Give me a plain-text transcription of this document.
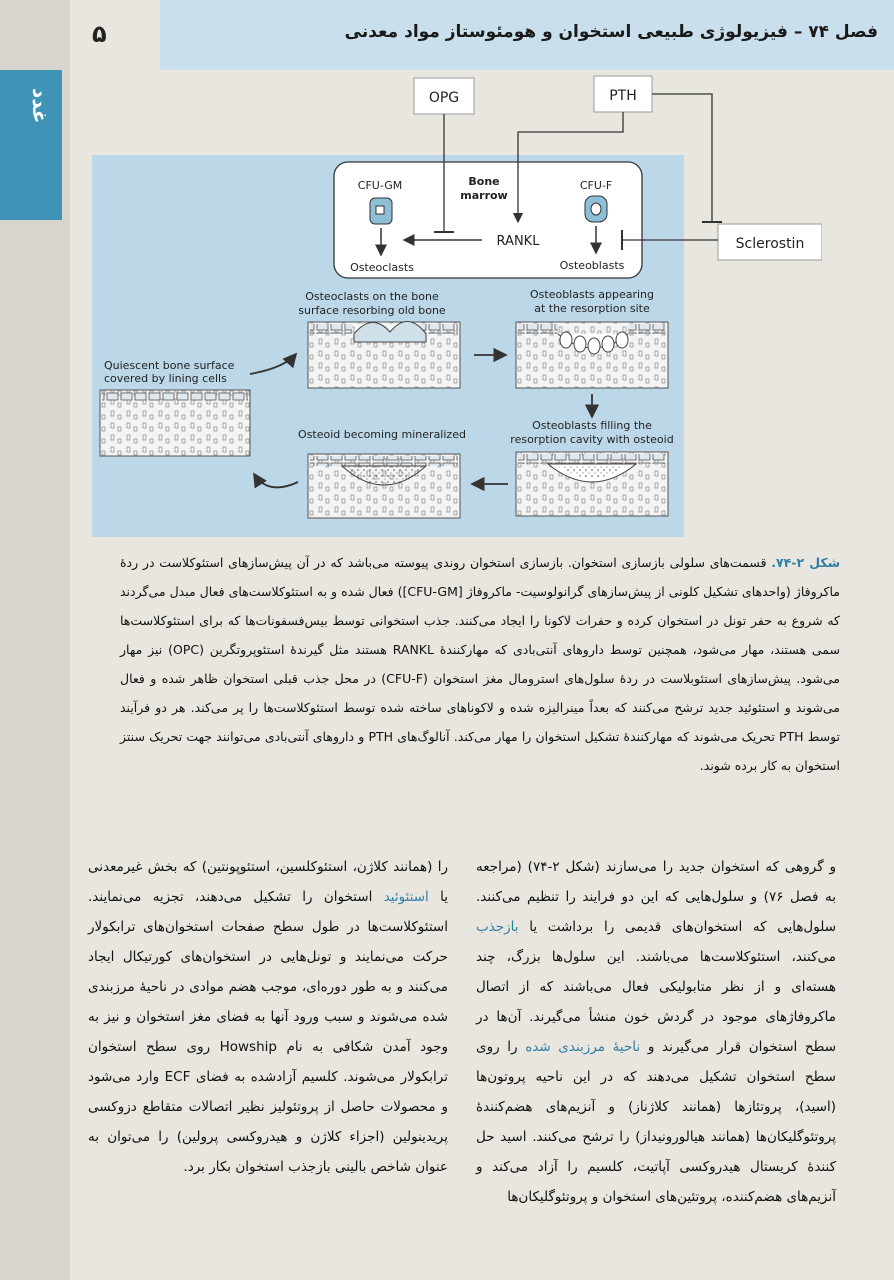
غدد
۵	فصل ۷۴ – فیزیولوژی طبیعی استخوان و هومئوستاز مواد معدنی
OPG	PTH
Sclerostin
CFU-GM	Bone
marrow
CFU-F
RANKL
Osteoclasts	Osteoblasts
Osteoclasts on the bone
surface resorbing old bone
Osteoblasts appearing
at the resorption site
Quiescent bone surface
covered by lining cells
Osteoid becoming mineralized
Osteoblasts filling the
resorption cavity with osteoid
شکل ۲-۷۴. قسمت‌های سلولی بازسازی استخوان. بازسازی استخوان روندی پیوسته می‌باشد که در آن پیش‌سازهای استئوکلاست در ردهٔ ماکروفاژ (واحدهای تشکیل کلونی از پیش‌سازهای گرانولوسیت- ماکروفاژ [CFU-GM]) فعال شده و به استئوکلاست‌های فعال مبدل می‌گردند که شروع به حفر تونل در استخوان کرده و حفرات لاکونا را ایجاد می‌کنند. جذب استخوانی توسط بیس‌فسفونات‌ها که برای استئوکلاست‌ها سمی هستند، مهار می‌شود، همچنین توسط داروهای آنتی‌بادی که مهارکنندهٔ RANKL هستند مثل گیرندهٔ استئوپروتگرین (OPC) نیز مهار می‌شود. پیش‌سازهای استئوبلاست در ردهٔ سلول‌های استرومال مغز استخوان (CFU-F) در محل جذب قبلی استخوان ظاهر شده و فعال می‌شوند و استئوئید جدید ترشح می‌کنند که بعداً مینرالیزه شده و لاکوناهای ساخته شده توسط استئوکلاست‌ها را پر می‌کند. هر دو فرآیند توسط PTH تحریک می‌شوند که مهارکنندهٔ تشکیل استخوان را مهار می‌کند. آنالوگ‌های PTH و داروهای آنتی‌بادی می‌توانند جهت تحریک سنتز استخوان به کار برده شوند.
و گروهی که استخوان جدید را می‌سازند (شکل ۲-۷۴) (مراجعه به فصل ۷۶) و سلول‌هایی که این دو فرایند را تنظیم می‌کنند. سلول‌هایی که استخوان‌های قدیمی را برداشت یا بازجذب می‌کنند، استئوکلاست‌ها می‌باشند. این سلول‌ها بزرگ، چند هسته‌ای و از نظر متابولیکی فعال می‌باشند که از اتصال ماکروفاژهای موجود در گردش خون منشأ می‌گیرند. آن‌ها در سطح استخوان قرار می‌گیرند و ناحیهٔ مرزبندی شده را روی سطح استخوان تشکیل می‌دهند که در این ناحیه پروتون‌ها (اسید)، پروتئازها (همانند کلاژناز) و آنزیم‌های هضم‌کنندهٔ پروتئوگلیکان‌ها (همانند هیالورونیداز) را ترشح می‌کنند. اسید حل کنندهٔ کریستال هیدروکسی آپاتیت، کلسیم را آزاد می‌کند و آنزیم‌های هضم‌کننده، پروتئین‌های استخوان و پروتئوگلیکان‌ها
را (همانند کلاژن، استئوکلسین، استئوپونتین) که بخش غیرمعدنی یا استئوئید استخوان را تشکیل می‌دهند، تجزیه می‌نمایند. استئوکلاست‌ها در طول سطح صفحات استخوان‌های ترابکولار حرکت می‌نمایند و تونل‌هایی در استخوان‌های کورتیکال ایجاد می‌کنند و به طور دوره‌ای، موجب هضم موادی در ناحیهٔ مرزبندی شده می‌شوند و سبب ورود آنها به فضای مغز استخوان و نیز به وجود آمدن شکافی به نام Howship روی سطح استخوان ترابکولار می‌شوند. کلسیم آزادشده به فضای ECF وارد می‌شود و محصولات حاصل از پروتئولیز نظیر اتصالات متقاطع دزوکسی پریدینولین (اجزاء کلاژن و هیدروکسی پرولین) را می‌توان به عنوان شاخص بالینی بازجذب استخوان بکار برد.
